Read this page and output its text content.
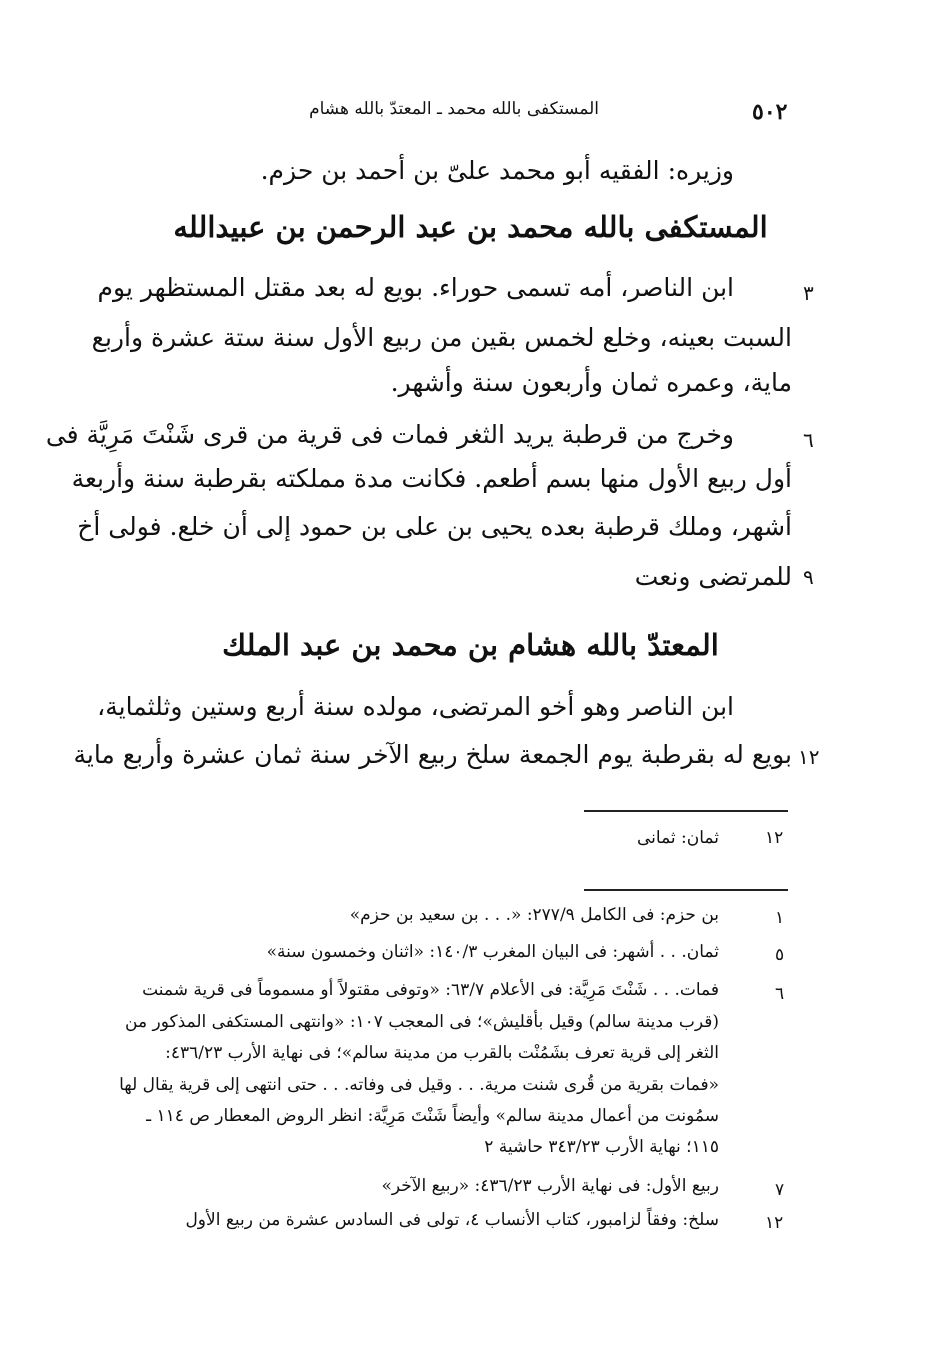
٥٠٢
المستكفى بالله محمد ـ المعتدّ بالله هشام
وزيره: الفقيه أبو محمد علىّ بن أحمد بن حزم.
المستكفى بالله محمد بن عبد الرحمن بن عبيدالله
ابن الناصر، أمه تسمى حوراء. بويع له بعد مقتل المستظهر يوم
السبت بعينه، وخلع لخمس بقين من ربيع الأول سنة ستة عشرة وأربع
ماية، وعمره ثمان وأربعون سنة وأشهر.
وخرج من قرطبة يريد الثغر فمات فى قرية من قرى شَنْتَ مَرِيَّة فى
أول ربيع الأول منها بسم أطعم. فكانت مدة مملكته بقرطبة سنة وأربعة
أشهر، وملك قرطبة بعده يحيى بن على بن حمود إلى أن خلع. فولى أخ
للمرتضى ونعت
٣
٦
٩
المعتدّ بالله هشام بن محمد بن عبد الملك
ابن الناصر وهو أخو المرتضى، مولده سنة أربع وستين وثلثماية،
بويع له بقرطبة يوم الجمعة سلخ ربيع الآخر سنة ثمان عشرة وأربع ماية ١٢
١٢
ثمان: ثمانى
١
بن حزم: فى الكامل ٢٧٧/٩: «. . . بن سعيد بن حزم»
٥
ثمان. . . أشهر: فى البيان المغرب ١٤٠/٣: «اثنان وخمسون سنة»
٦
فمات. . . شَنْتَ مَرِيَّة: فى الأعلام ٦٣/٧: «وتوفى مقتولاً أو مسموماً فى قرية شمنت
(قرب مدينة سالم) وقيل بأقليش»؛ فى المعجب ١٠٧: «وانتهى المستكفى المذكور من
الثغر إلى قرية تعرف بشَمُنْت بالقرب من مدينة سالم»؛ فى نهاية الأرب ٤٣٦/٢٣:
«فمات بقرية من قُرى شنت مرية. . . وقيل فى وفاته. . . حتى انتهى إلى قرية يقال لها
سمُونت من أعمال مدينة سالم» وأيضاً شَنْتَ مَرِيَّة: انظر الروض المعطار ص ١١٤ ـ
١١٥؛ نهاية الأرب ٣٤٣/٢٣ حاشية ٢
٧
ربيع الأول: فى نهاية الأرب ٤٣٦/٢٣: «ربيع الآخر»
١٢
سلخ: وفقاً لزامبور، كتاب الأنساب ٤، تولى فى السادس عشرة من ربيع الأول
